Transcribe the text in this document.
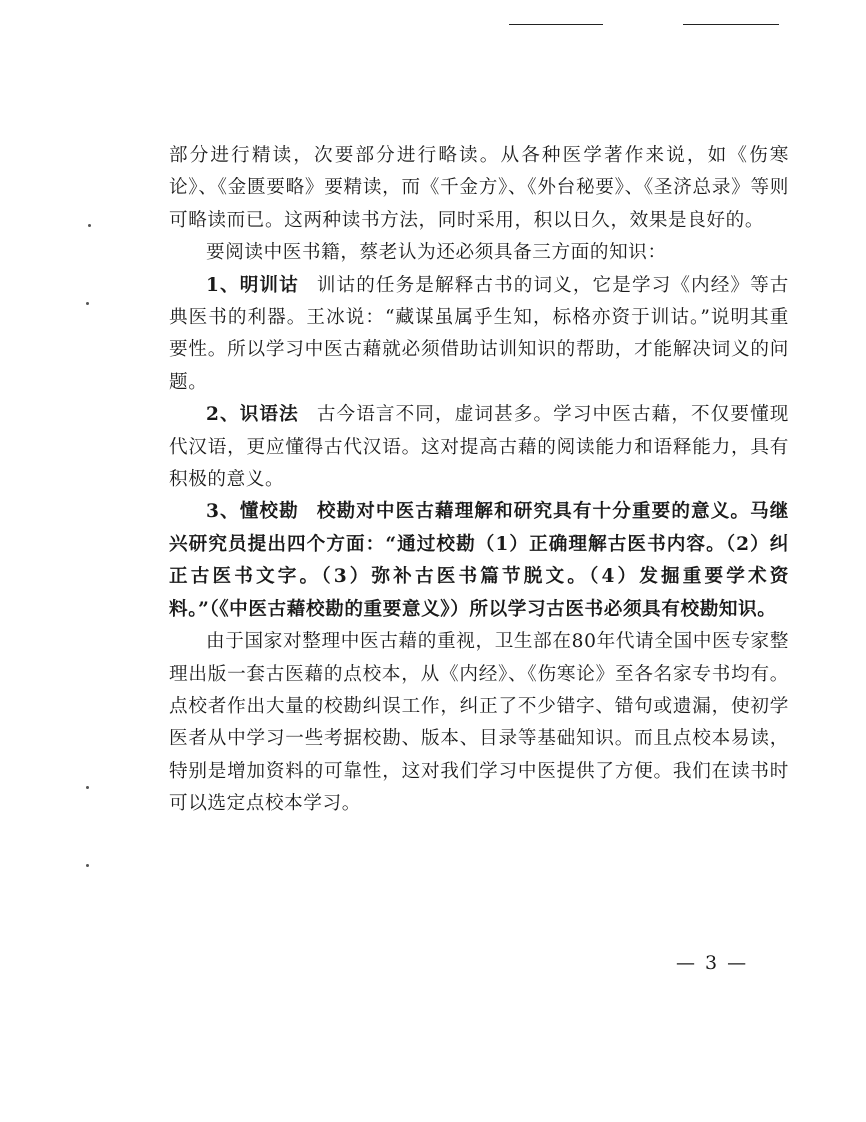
部分进行精读，次要部分进行略读。从各种医学著作来说，如《伤寒论》、《金匮要略》要精读，而《千金方》、《外台秘要》、《圣济总录》等则可略读而已。这两种读书方法，同时采用，积以日久，效果是良好的。

要阅读中医书籍，蔡老认为还必须具备三方面的知识：

1、明训诂 训诂的任务是解释古书的词义，它是学习《内经》等古典医书的利器。王冰说：“藏谋虽属乎生知，标格亦资于训诂。”说明其重要性。所以学习中医古藉就必须借助诂训知识的帮助，才能解决词义的问题。

2、识语法 古今语言不同，虚词甚多。学习中医古藉，不仅要懂现代汉语，更应懂得古代汉语。这对提高古藉的阅读能力和语释能力，具有积极的意义。

3、懂校勘 校勘对中医古藉理解和研究具有十分重要的意义。马继兴研究员提出四个方面：“通过校勘（1）正确理解古医书内容。（2）纠正古医书文字。（3）弥补古医书篇节脱文。（4）发掘重要学术资料。”（《中医古藉校勘的重要意义》）所以学习古医书必须具有校勘知识。

由于国家对整理中医古藉的重视，卫生部在80年代请全国中医专家整理出版一套古医藉的点校本，从《内经》、《伤寒论》至各名家专书均有。点校者作出大量的校勘纠误工作，纠正了不少错字、错句或遗漏，使初学医者从中学习一些考据校勘、版本、目录等基础知识。而且点校本易读，特别是增加资料的可靠性，这对我们学习中医提供了方便。我们在读书时可以选定点校本学习。

— 3 —
